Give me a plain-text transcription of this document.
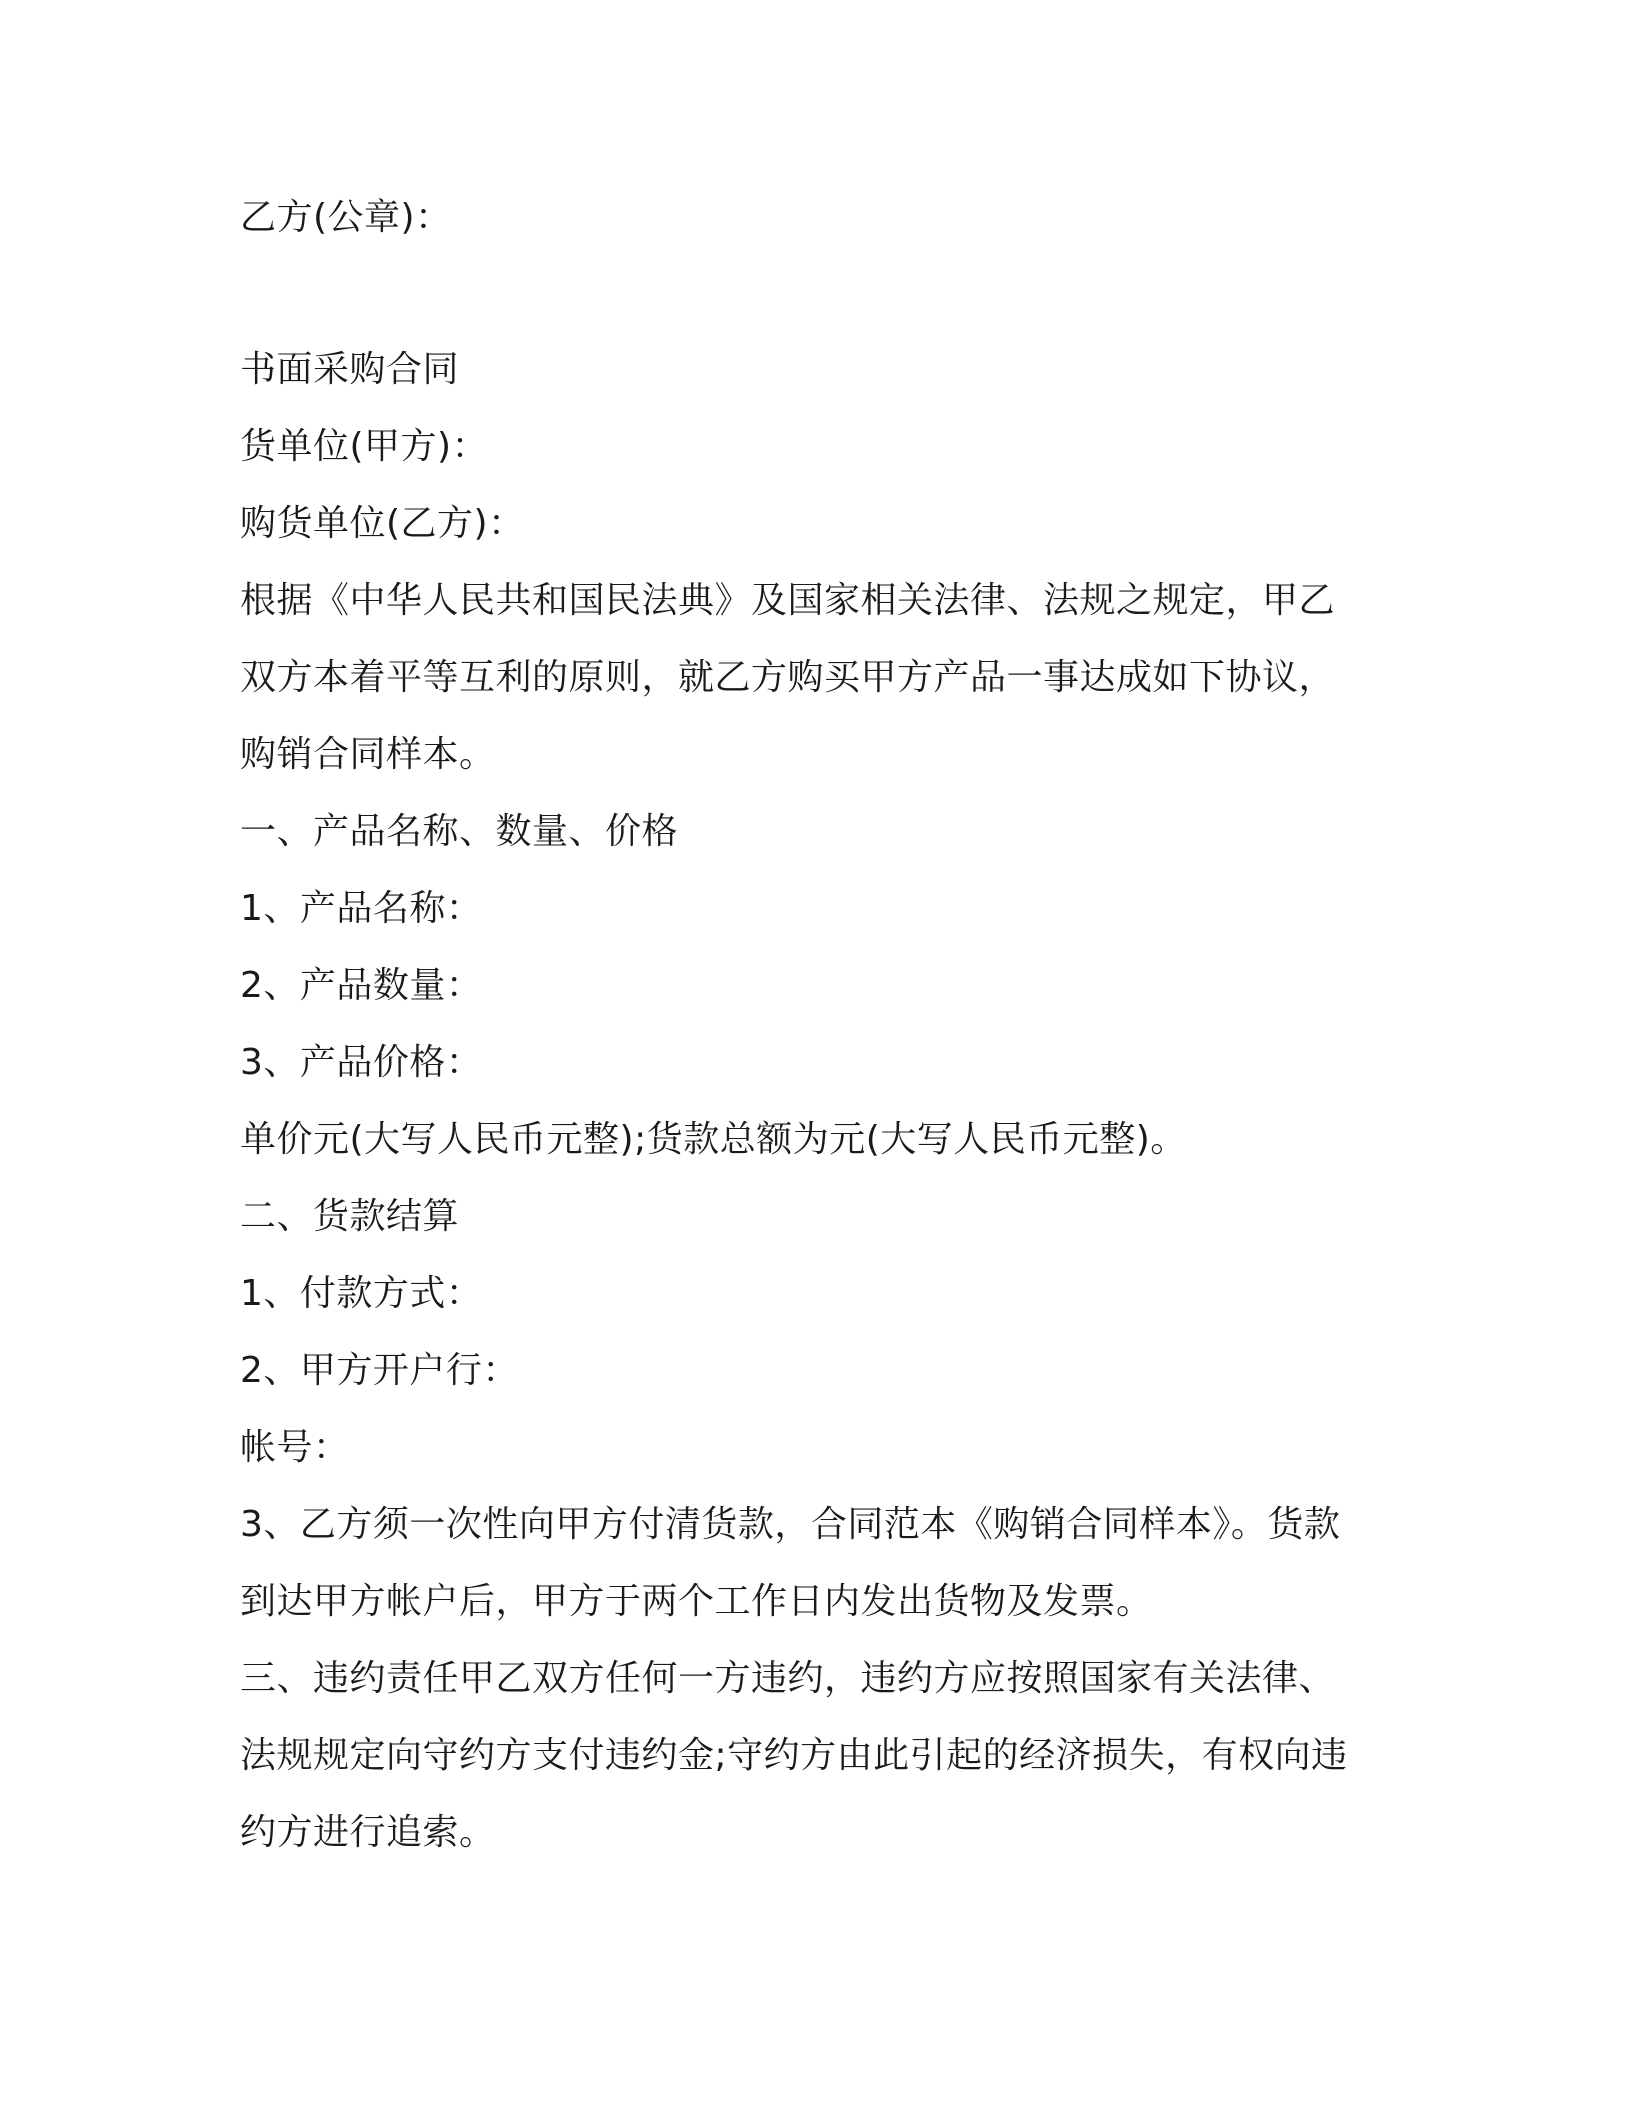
乙方(公章)：
书面采购合同
货单位(甲方)：
购货单位(乙方)：
根据《中华人民共和国民法典》及国家相关法律、法规之规定，甲乙
双方本着平等互利的原则，就乙方购买甲方产品一事达成如下协议，
购销合同样本。
一、产品名称、数量、价格
1、产品名称：
2、产品数量：
3、产品价格：
单价元(大写人民币元整);货款总额为元(大写人民币元整)。
二、货款结算
1、付款方式：
2、甲方开户行：
帐号：
3、乙方须一次性向甲方付清货款，合同范本《购销合同样本》。货款
到达甲方帐户后，甲方于两个工作日内发出货物及发票。
三、违约责任甲乙双方任何一方违约，违约方应按照国家有关法律、
法规规定向守约方支付违约金;守约方由此引起的经济损失，有权向违
约方进行追索。
